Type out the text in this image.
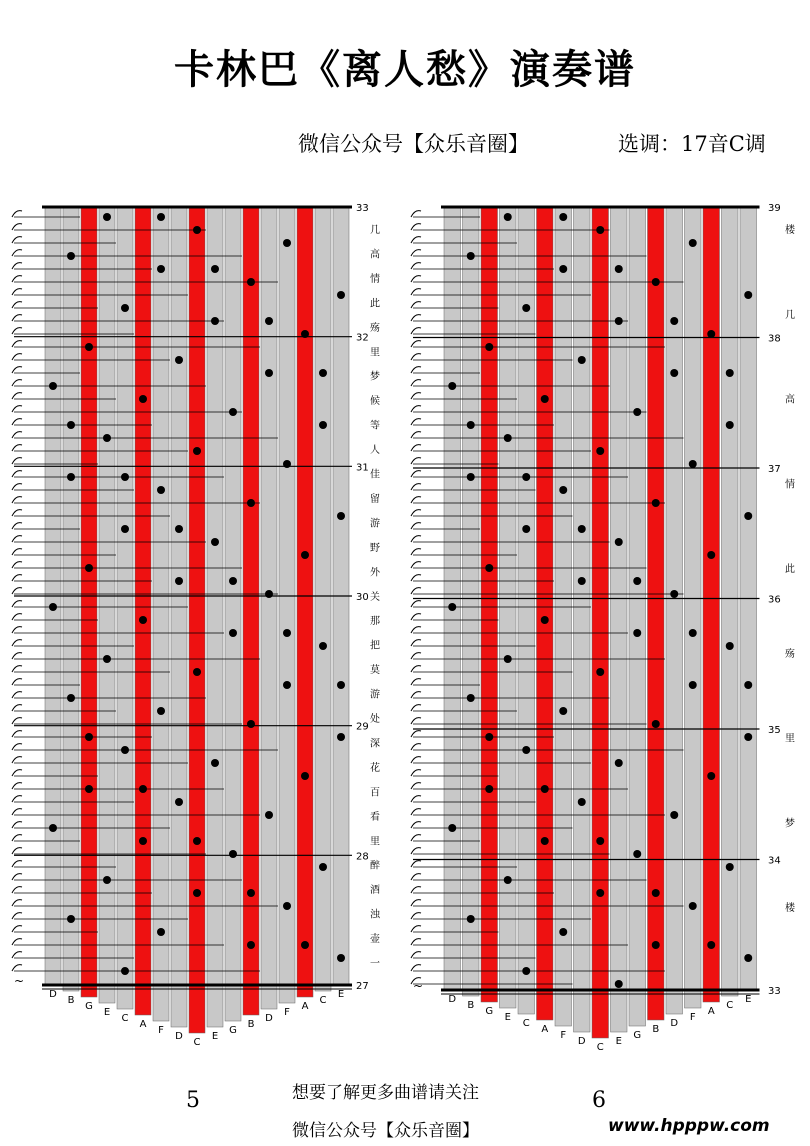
卡林巴《离人愁》演奏谱
微信公众号【众乐音圈】	选调：17音C调
D
B
G
E
C
A
F
D
C
E
G
B
D
F
A
C
E
33
32
31
30
29
28
27
几
高
情
此
殇
里
梦
候
等
人
佳
留
游
野
外
关
那
把
莫
游
处
深
花
百
看
里
醉
酒
浊
壶
一
~
D
B
G
E
C
A
F
D
C
E
G
B
D
F
A
C
E
39
38
37
36
35
34
33
楼
几
高
情
此
殇
里
梦
楼
~
5	6
想要了解更多曲谱请关注
微信公众号【众乐音圈】	www.hpppw.com
